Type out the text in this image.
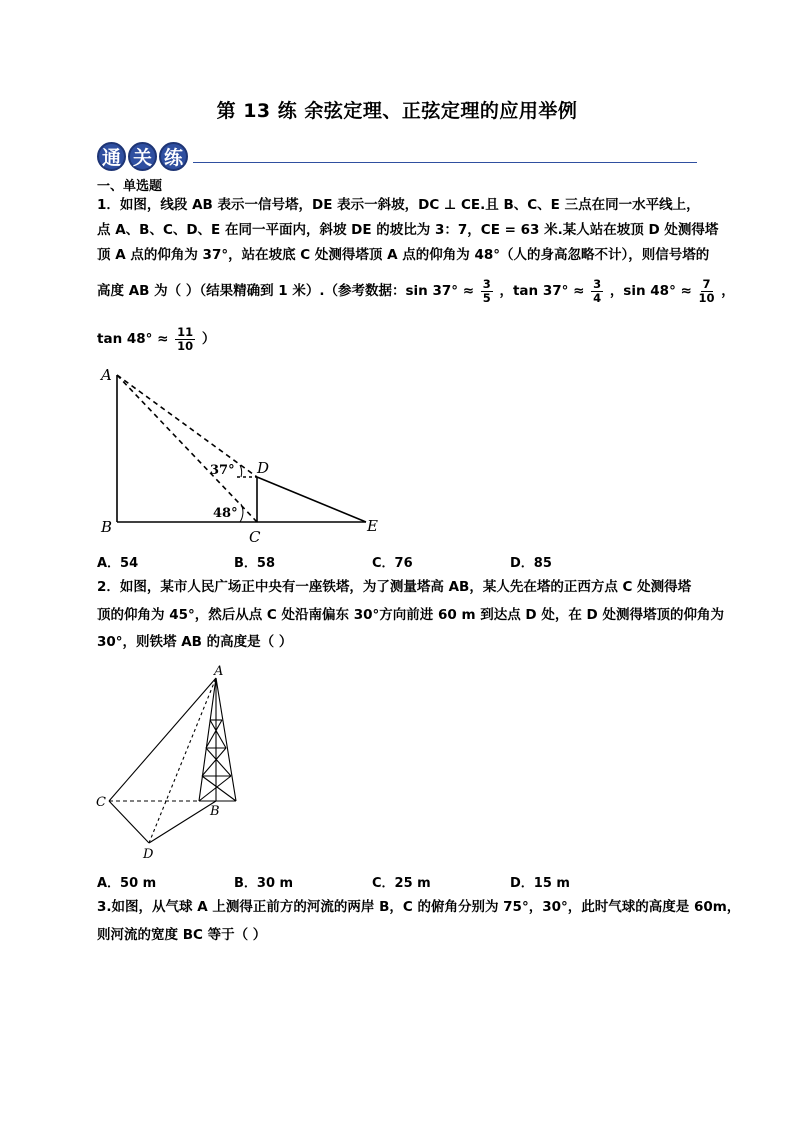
第 13 练 余弦定理、正弦定理的应用举例
通 关 练
一、单选题
1．如图，线段 AB 表示一信号塔，DE 表示一斜坡，DC ⊥ CE.且 B、C、E 三点在同一水平线上，
点 A、B、C、D、E 在同一平面内，斜坡 DE 的坡比为 3：7，CE = 63 米.某人站在坡顶 D 处测得塔
顶 A 点的仰角为 37°，站在坡底 C 处测得塔顶 A 点的仰角为 48°（人的身高忽略不计），则信号塔的
高度 AB 为（ ）（结果精确到 1 米）.（参考数据：$\sin 37^\circ \approx \frac{3}{5}$ ，$\tan 37^\circ \approx \frac{3}{4}$ ，$\sin 48^\circ \approx \frac{7}{10}$ ，
$\tan 48^\circ \approx \frac{11}{10}$ ）
A
B
C
D
E
37°
48°
A
B
C
D
A．54	B．58	C．76	D．85
2．如图，某市人民广场正中央有一座铁塔，为了测量塔高 AB，某人先在塔的正西方点 C 处测得塔
顶的仰角为 45°，然后从点 C 处沿南偏东 30°方向前进 60 m 到达点 D 处，在 D 处测得塔顶的仰角为
30°，则铁塔 AB 的高度是（ ）
A．50 m	B．30 m	C．25 m	D．15 m
3.如图，从气球 A 上测得正前方的河流的两岸 B，C 的俯角分别为 75°，30°，此时气球的高度是 60m，
则河流的宽度 BC 等于（ ）
